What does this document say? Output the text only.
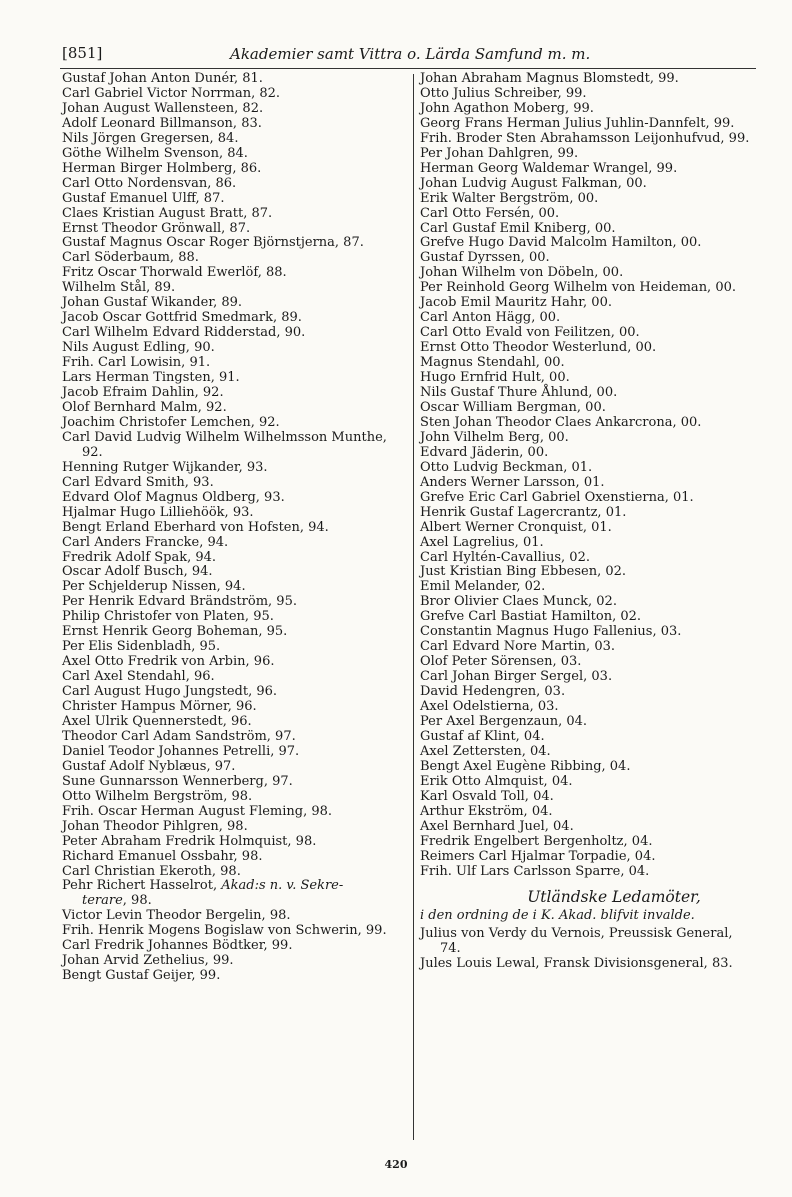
[851]	Akademier samt Vittra o. Lärda Samfund m. m.
Gustaf Johan Anton Dunér, 81.
Carl Gabriel Victor Norrman, 82.
Johan August Wallensteen, 82.
Adolf Leonard Billmanson, 83.
Nils Jörgen Gregersen, 84.
Göthe Wilhelm Svenson, 84.
Herman Birger Holmberg, 86.
Carl Otto Nordensvan, 86.
Gustaf Emanuel Ulff, 87.
Claes Kristian August Bratt, 87.
Ernst Theodor Grönwall, 87.
Gustaf Magnus Oscar Roger Björnstjerna, 87.
Carl Söderbaum, 88.
Fritz Oscar Thorwald Ewerlöf, 88.
Wilhelm Stål, 89.
Johan Gustaf Wikander, 89.
Jacob Oscar Gottfrid Smedmark, 89.
Carl Wilhelm Edvard Ridderstad, 90.
Nils August Edling, 90.
Frih. Carl Lowisin, 91.
Lars Herman Tingsten, 91.
Jacob Efraim Dahlin, 92.
Olof Bernhard Malm, 92.
Joachim Christofer Lemchen, 92.
Carl David Ludvig Wilhelm Wilhelmsson Munthe,
92.
Henning Rutger Wijkander, 93.
Carl Edvard Smith, 93.
Edvard Olof Magnus Oldberg, 93.
Hjalmar Hugo Lilliehöök, 93.
Bengt Erland Eberhard von Hofsten, 94.
Carl Anders Francke, 94.
Fredrik Adolf Spak, 94.
Oscar Adolf Busch, 94.
Per Schjelderup Nissen, 94.
Per Henrik Edvard Brändström, 95.
Philip Christofer von Platen, 95.
Ernst Henrik Georg Boheman, 95.
Per Elis Sidenbladh, 95.
Axel Otto Fredrik von Arbin, 96.
Carl Axel Stendahl, 96.
Carl August Hugo Jungstedt, 96.
Christer Hampus Mörner, 96.
Axel Ulrik Quennerstedt, 96.
Theodor Carl Adam Sandström, 97.
Daniel Teodor Johannes Petrelli, 97.
Gustaf Adolf Nyblæus, 97.
Sune Gunnarsson Wennerberg, 97.
Otto Wilhelm Bergström, 98.
Frih. Oscar Herman August Fleming, 98.
Johan Theodor Pihlgren, 98.
Peter Abraham Fredrik Holmquist, 98.
Richard Emanuel Ossbahr, 98.
Carl Christian Ekeroth, 98.
Pehr Richert Hasselrot, Akad:s n. v. Sekre-
terare, 98.
Victor Levin Theodor Bergelin, 98.
Frih. Henrik Mogens Bogislaw von Schwerin, 99.
Carl Fredrik Johannes Bödtker, 99.
Johan Arvid Zethelius, 99.
Bengt Gustaf Geijer, 99.
Johan Abraham Magnus Blomstedt, 99.
Otto Julius Schreiber, 99.
John Agathon Moberg, 99.
Georg Frans Herman Julius Juhlin-Dannfelt, 99.
Frih. Broder Sten Abrahamsson Leijonhufvud, 99.
Per Johan Dahlgren, 99.
Herman Georg Waldemar Wrangel, 99.
Johan Ludvig August Falkman, 00.
Erik Walter Bergström, 00.
Carl Otto Fersén, 00.
Carl Gustaf Emil Kniberg, 00.
Grefve Hugo David Malcolm Hamilton, 00.
Gustaf Dyrssen, 00.
Johan Wilhelm von Döbeln, 00.
Per Reinhold Georg Wilhelm von Heideman, 00.
Jacob Emil Mauritz Hahr, 00.
Carl Anton Hägg, 00.
Carl Otto Evald von Feilitzen, 00.
Ernst Otto Theodor Westerlund, 00.
Magnus Stendahl, 00.
Hugo Ernfrid Hult, 00.
Nils Gustaf Thure Åhlund, 00.
Oscar William Bergman, 00.
Sten Johan Theodor Claes Ankarcrona, 00.
John Vilhelm Berg, 00.
Edvard Jäderin, 00.
Otto Ludvig Beckman, 01.
Anders Werner Larsson, 01.
Grefve Eric Carl Gabriel Oxenstierna, 01.
Henrik Gustaf Lagercrantz, 01.
Albert Werner Cronquist, 01.
Axel Lagrelius, 01.
Carl Hyltén-Cavallius, 02.
Just Kristian Bing Ebbesen, 02.
Emil Melander, 02.
Bror Olivier Claes Munck, 02.
Grefve Carl Bastiat Hamilton, 02.
Constantin Magnus Hugo Fallenius, 03.
Carl Edvard Nore Martin, 03.
Olof Peter Sörensen, 03.
Carl Johan Birger Sergel, 03.
David Hedengren, 03.
Axel Odelstierna, 03.
Per Axel Bergenzaun, 04.
Gustaf af Klint, 04.
Axel Zettersten, 04.
Bengt Axel Eugène Ribbing, 04.
Erik Otto Almquist, 04.
Karl Osvald Toll, 04.
Arthur Ekström, 04.
Axel Bernhard Juel, 04.
Fredrik Engelbert Bergenholtz, 04.
Reimers Carl Hjalmar Torpadie, 04.
Frih. Ulf Lars Carlsson Sparre, 04.
Utländske Ledamöter,
i den ordning de i K. Akad. blifvit invalde.
Julius von Verdy du Vernois, Preussisk General,
74.
Jules Louis Lewal, Fransk Divisionsgeneral, 83.
420
